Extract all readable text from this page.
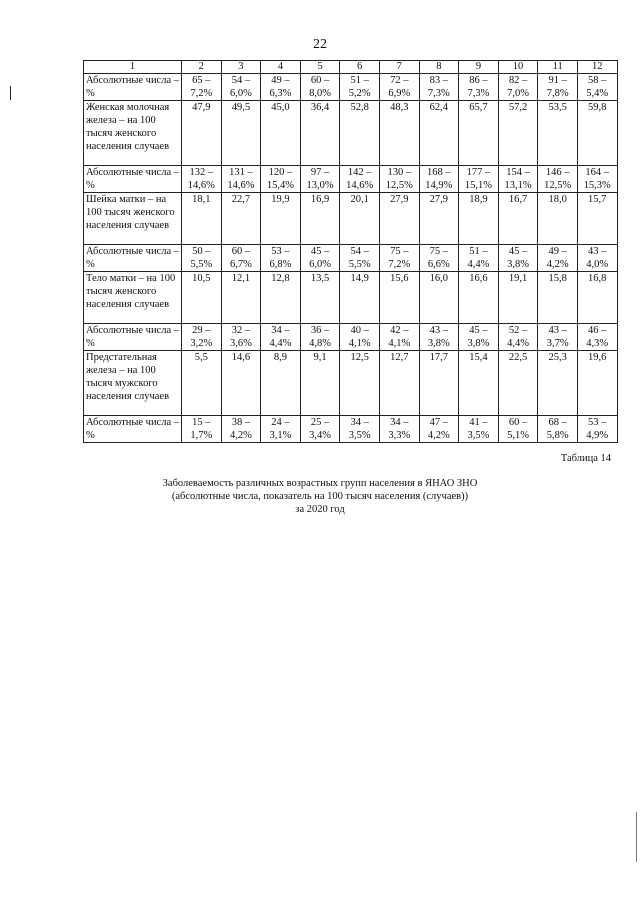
22
1	2	3	4	5	6	7	8	9	10	11	12
Абсолютные числа – %	65 – 7,2%	54 – 6,0%	49 – 6,3%	60 – 8,0%	51 – 5,2%	72 – 6,9%	83 – 7,3%	86 – 7,3%	82 – 7,0%	91 – 7,8%	58 – 5,4%
Женская молочная железа – на 100 тысяч женского населения случаев	47,9	49,5	45,0	36,4	52,8	48,3	62,4	65,7	57,2	53,5	59,8
Абсолютные числа – %	132 – 14,6%	131 – 14,6%	120 – 15,4%	97 – 13,0%	142 – 14,6%	130 – 12,5%	168 – 14,9%	177 – 15,1%	154 – 13,1%	146 – 12,5%	164 – 15,3%
Шейка матки – на 100 тысяч женского населения случаев	18,1	22,7	19,9	16,9	20,1	27,9	27,9	18,9	16,7	18,0	15,7
Абсолютные числа – %	50 – 5,5%	60 – 6,7%	53 – 6,8%	45 – 6,0%	54 – 5,5%	75 – 7,2%	75 – 6,6%	51 – 4,4%	45 – 3,8%	49 – 4,2%	43 – 4,0%
Тело матки – на 100 тысяч женского населения случаев	10,5	12,1	12,8	13,5	14,9	15,6	16,0	16,6	19,1	15,8	16,8
Абсолютные числа – %	29 – 3,2%	32 – 3,6%	34 – 4,4%	36 – 4,8%	40 – 4,1%	42 – 4,1%	43 – 3,8%	45 – 3,8%	52 – 4,4%	43 – 3,7%	46 – 4,3%
Предстательная железа – на 100 тысяч мужского населения случаев	5,5	14,6	8,9	9,1	12,5	12,7	17,7	15,4	22,5	25,3	19,6
Абсолютные числа – %	15 – 1,7%	38 – 4,2%	24 – 3,1%	25 – 3,4%	34 – 3,5%	34 – 3,3%	47 – 4,2%	41 – 3,5%	60 – 5,1%	68 – 5,8%	53 – 4,9%
Таблица 14
Заболеваемость различных возрастных групп населения в ЯНАО ЗНО
(абсолютные числа, показатель на 100 тысяч населения (случаев))
за 2020 год
